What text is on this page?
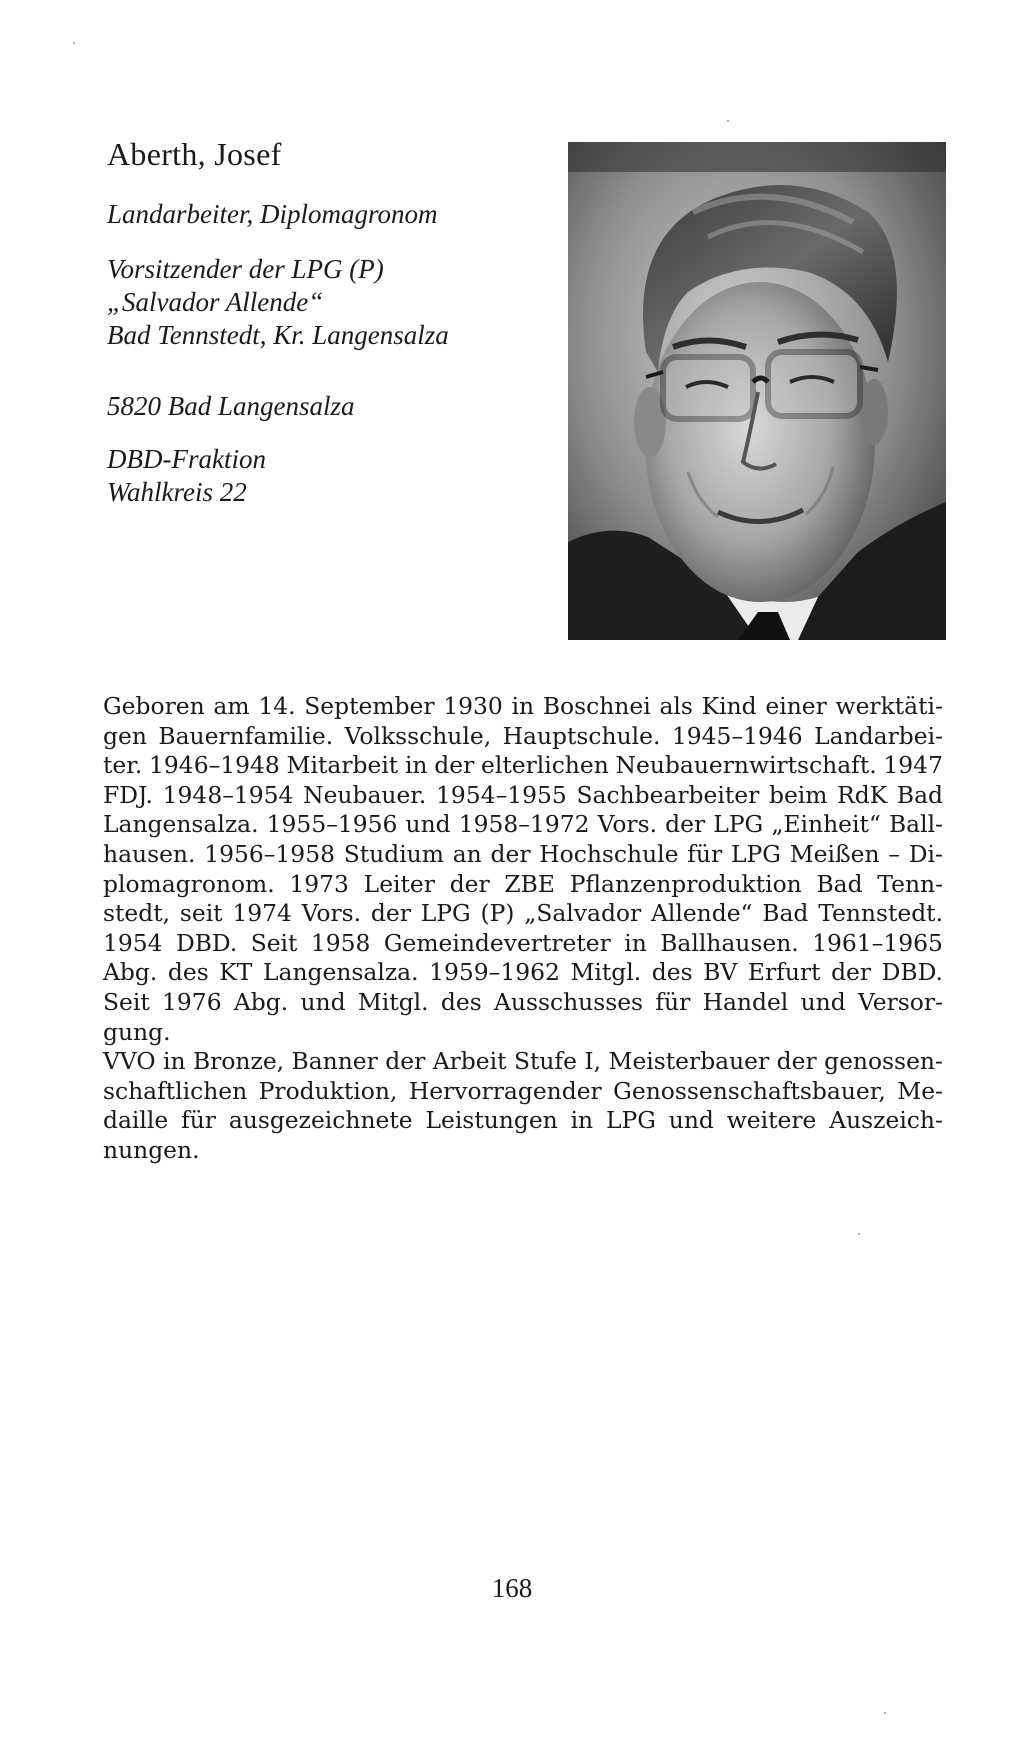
Aberth, Josef
Landarbeiter, Diplomagronom
Vorsitzender der LPG (P)
„Salvador Allende“
Bad Tennstedt, Kr. Langensalza
5820 Bad Langensalza
DBD-Fraktion
Wahlkreis 22
Geboren am 14. September 1930 in Boschnei als Kind einer werktäti-
gen Bauernfamilie. Volksschule, Hauptschule. 1945–1946 Landarbei-
ter. 1946–1948 Mitarbeit in der elterlichen Neubauernwirtschaft. 1947
FDJ. 1948–1954 Neubauer. 1954–1955 Sachbearbeiter beim RdK Bad
Langensalza. 1955–1956 und 1958–1972 Vors. der LPG „Einheit“ Ball-
hausen. 1956–1958 Studium an der Hochschule für LPG Meißen – Di-
plomagronom. 1973 Leiter der ZBE Pflanzenproduktion Bad Tenn-
stedt, seit 1974 Vors. der LPG (P) „Salvador Allende“ Bad Tennstedt.
1954 DBD. Seit 1958 Gemeindevertreter in Ballhausen. 1961–1965
Abg. des KT Langensalza. 1959–1962 Mitgl. des BV Erfurt der DBD.
Seit 1976 Abg. und Mitgl. des Ausschusses für Handel und Versor-
gung.
VVO in Bronze, Banner der Arbeit Stufe I, Meisterbauer der genossen-
schaftlichen Produktion, Hervorragender Genossenschaftsbauer, Me-
daille für ausgezeichnete Leistungen in LPG und weitere Auszeich-
nungen.
168
